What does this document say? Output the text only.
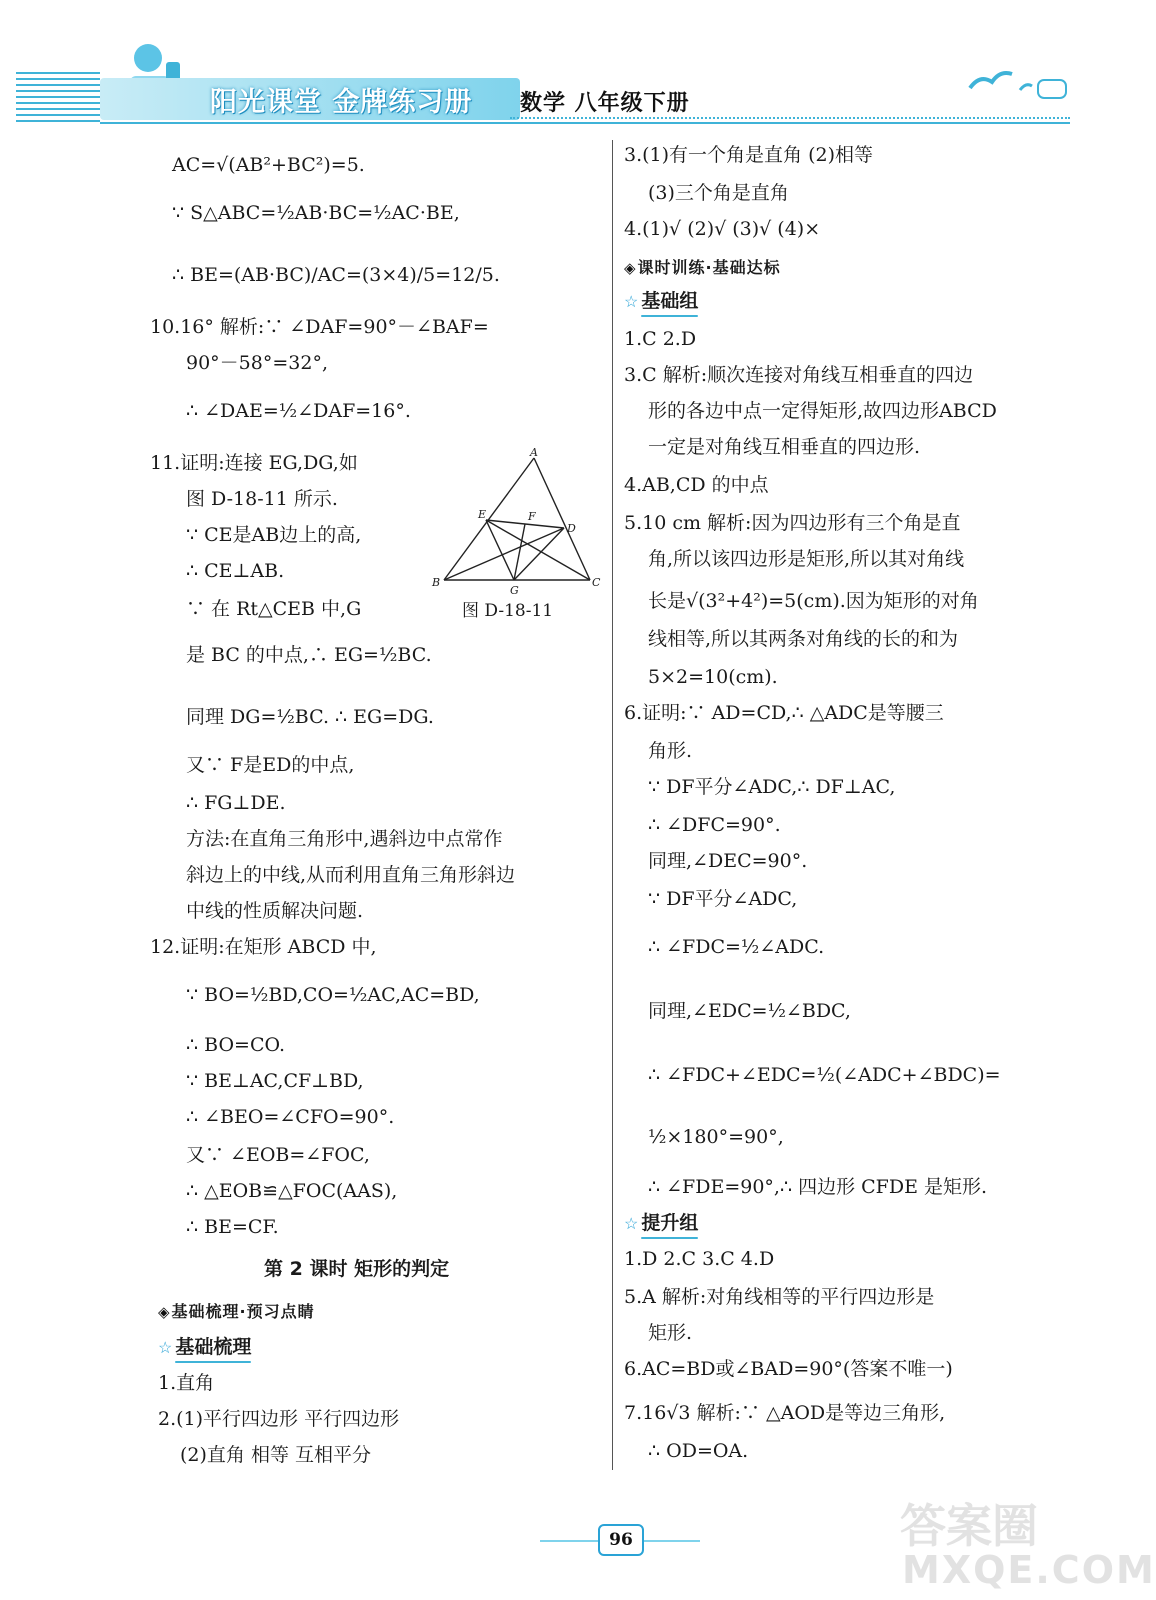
阳光课堂 金牌练习册 数学 八年级下册
AC=√(AB²+BC²)=5.
∵ S△ABC=½AB·BC=½AC·BE,
∴ BE=(AB·BC)/AC=(3×4)/5=12/5.
10.16° 解析:∵ ∠DAF=90°－∠BAF=
90°－58°=32°,
∴ ∠DAE=½∠DAF=16°.
11.证明:连接 EG,DG,如
图 D-18-11 所示.
∵ CE是AB边上的高,
∴ CE⊥AB.
∵ 在 Rt△CEB 中,G
是 BC 的中点,∴ EG=½BC.
同理 DG=½BC. ∴ EG=DG.
又∵ F是ED的中点,
∴ FG⊥DE.
方法:在直角三角形中,遇斜边中点常作
斜边上的中线,从而利用直角三角形斜边
中线的性质解决问题.
12.证明:在矩形 ABCD 中,
∵ BO=½BD,CO=½AC,AC=BD,
∴ BO=CO.
∵ BE⊥AC,CF⊥BD,
∴ ∠BEO=∠CFO=90°.
又∵ ∠EOB=∠FOC,
∴ △EOB≌△FOC(AAS),
∴ BE=CF.
第 2 课时 矩形的判定
◈ 基础梳理·预习点睛
☆ 基础梳理
1.直角
2.(1)平行四边形 平行四边形
(2)直角 相等 互相平分
A
B	C
D
E	F
G
图 D-18-11
3.(1)有一个角是直角 (2)相等
(3)三个角是直角
4.(1)√ (2)√ (3)√ (4)×
◈ 课时训练·基础达标
☆ 基础组
1.C 2.D
3.C 解析:顺次连接对角线互相垂直的四边
形的各边中点一定得矩形,故四边形ABCD
一定是对角线互相垂直的四边形.
4.AB,CD 的中点
5.10 cm 解析:因为四边形有三个角是直
角,所以该四边形是矩形,所以其对角线
长是√(3²+4²)=5(cm).因为矩形的对角
线相等,所以其两条对角线的长的和为
5×2=10(cm).
6.证明:∵ AD=CD,∴ △ADC是等腰三
角形.
∵ DF平分∠ADC,∴ DF⊥AC,
∴ ∠DFC=90°.
同理,∠DEC=90°.
∵ DF平分∠ADC,
∴ ∠FDC=½∠ADC.
同理,∠EDC=½∠BDC,
∴ ∠FDC+∠EDC=½(∠ADC+∠BDC)=
½×180°=90°,
∴ ∠FDE=90°,∴ 四边形 CFDE 是矩形.
☆ 提升组
1.D 2.C 3.C 4.D
5.A 解析:对角线相等的平行四边形是
矩形.
6.AC=BD或∠BAD=90°(答案不唯一)
7.16√3 解析:∵ △AOD是等边三角形,
∴ OD=OA.
96	答案圈
MXQE.COM
